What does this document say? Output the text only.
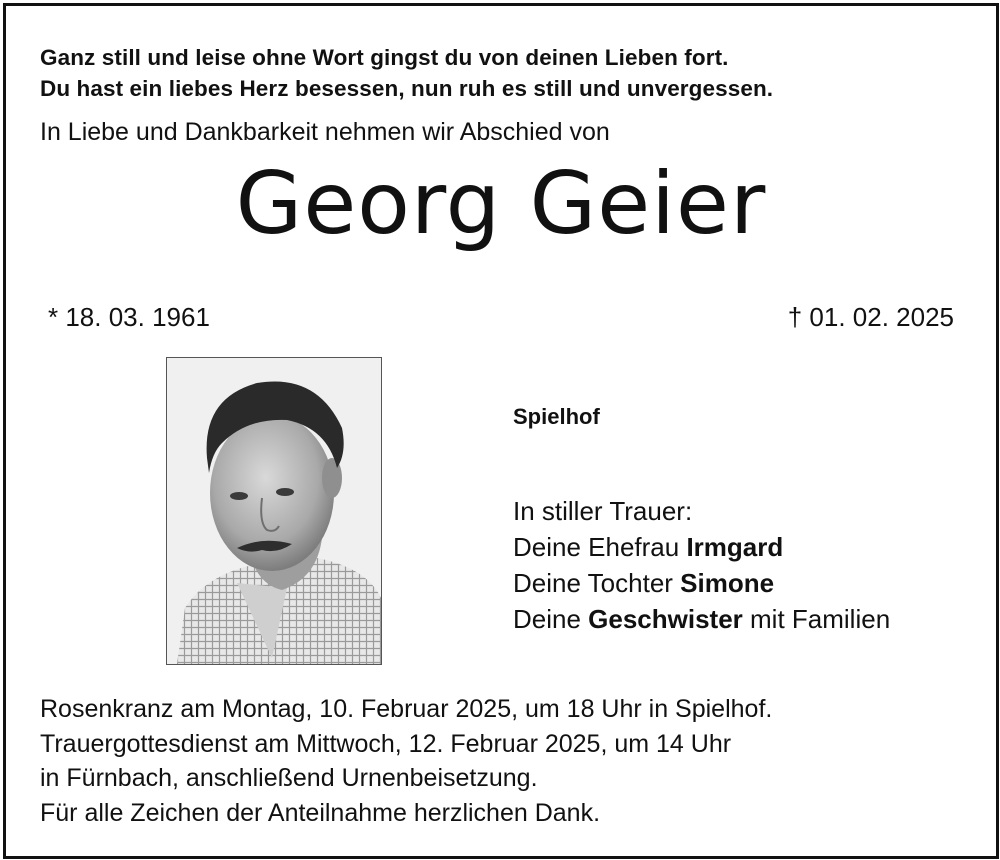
Ganz still und leise ohne Wort gingst du von deinen Lieben fort.
Du hast ein liebes Herz besessen, nun ruh es still und unvergessen.
In Liebe und Dankbarkeit nehmen wir Abschied von
Georg Geier
* 18. 03. 1961	† 01. 02. 2025
Spielhof
In stiller Trauer:
Deine Ehefrau Irmgard
Deine Tochter Simone
Deine Geschwister mit Familien
Rosenkranz am Montag, 10. Februar 2025, um 18 Uhr in Spielhof.
Trauergottesdienst am Mittwoch, 12. Februar 2025, um 14 Uhr
in Fürnbach, anschließend Urnenbeisetzung.
Für alle Zeichen der Anteilnahme herzlichen Dank.
